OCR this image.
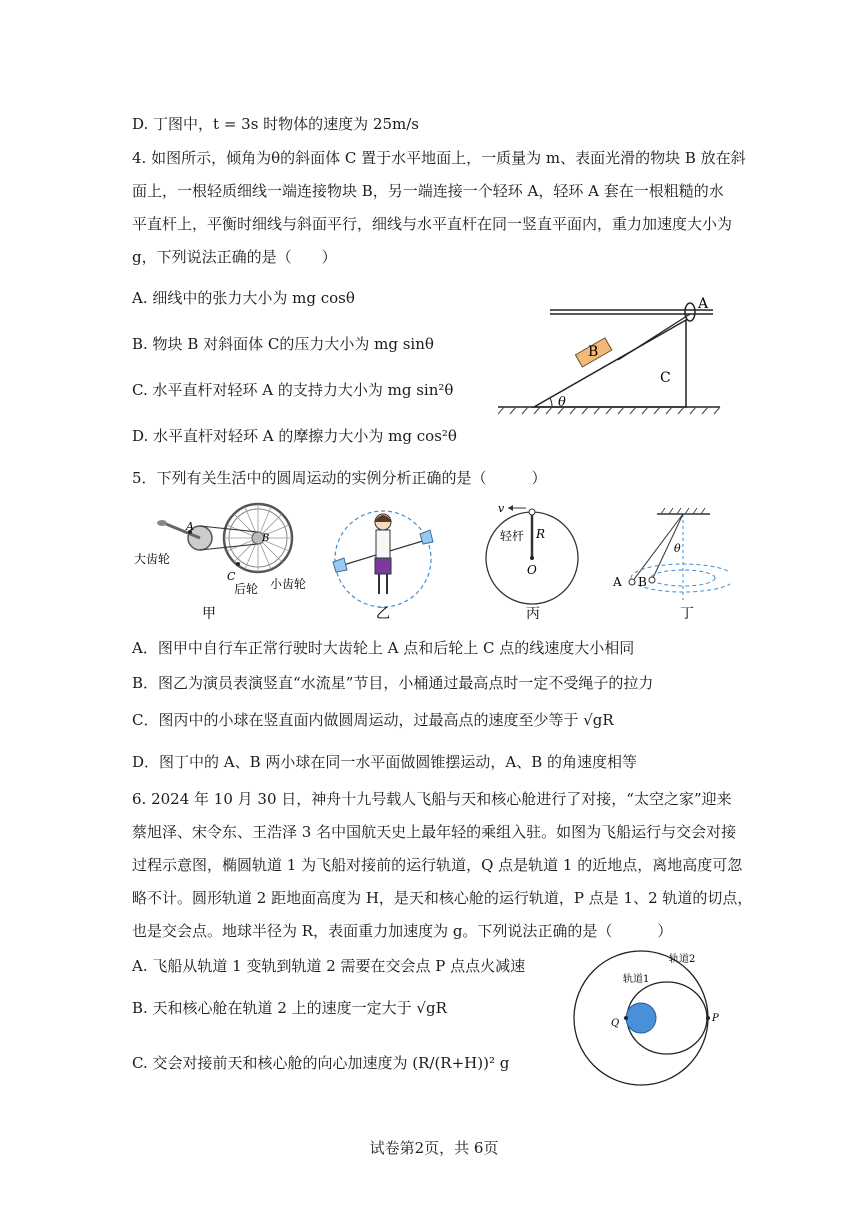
D. 丁图中，t = 3s 时物体的速度为 25m/s
4. 如图所示，倾角为θ的斜面体 C 置于水平地面上，一质量为 m、表面光滑的物块 B 放在斜
面上，一根轻质细线一端连接物块 B，另一端连接一个轻环 A，轻环 A 套在一根粗糙的水
平直杆上，平衡时细线与斜面平行，细线与水平直杆在同一竖直平面内，重力加速度大小为
g，下列说法正确的是（　　）
A. 细线中的张力大小为 mg cosθ
B. 物块 B 对斜面体 C的压力大小为 mg sinθ
C. 水平直杆对轻环 A 的支持力大小为 mg sin²θ
D. 水平直杆对轻环 A 的摩擦力大小为 mg cos²θ
θ
A
B
C
5．下列有关生活中的圆周运动的实例分析正确的是（　　　）
A
B
C
大齿轮
后轮 小齿轮
甲	乙
v
轻杆 R
O
丙
A B
θ
丁
A．图甲中自行车正常行驶时大齿轮上 A 点和后轮上 C 点的线速度大小相同
B．图乙为演员表演竖直“水流星”节目，小桶通过最高点时一定不受绳子的拉力
C．图丙中的小球在竖直面内做圆周运动，过最高点的速度至少等于 √gR
D．图丁中的 A、B 两小球在同一水平面做圆锥摆运动，A、B 的角速度相等
6. 2024 年 10 月 30 日，神舟十九号载人飞船与天和核心舱进行了对接，“太空之家”迎来
蔡旭泽、宋令东、王浩泽 3 名中国航天史上最年轻的乘组入驻。如图为飞船运行与交会对接
过程示意图，椭圆轨道 1 为飞船对接前的运行轨道，Q 点是轨道 1 的近地点，离地高度可忽
略不计。圆形轨道 2 距地面高度为 H，是天和核心舱的运行轨道，P 点是 1、2 轨道的切点，
也是交会点。地球半径为 R，表面重力加速度为 g。下列说法正确的是（　　　）
A. 飞船从轨道 1 变轨到轨道 2 需要在交会点 P 点点火减速
B. 天和核心舱在轨道 2 上的速度一定大于 √gR
C. 交会对接前天和核心舱的向心加速度为 (R/(R+H))² g
轨道2
轨道1
Q	P
试卷第2页，共 6页
